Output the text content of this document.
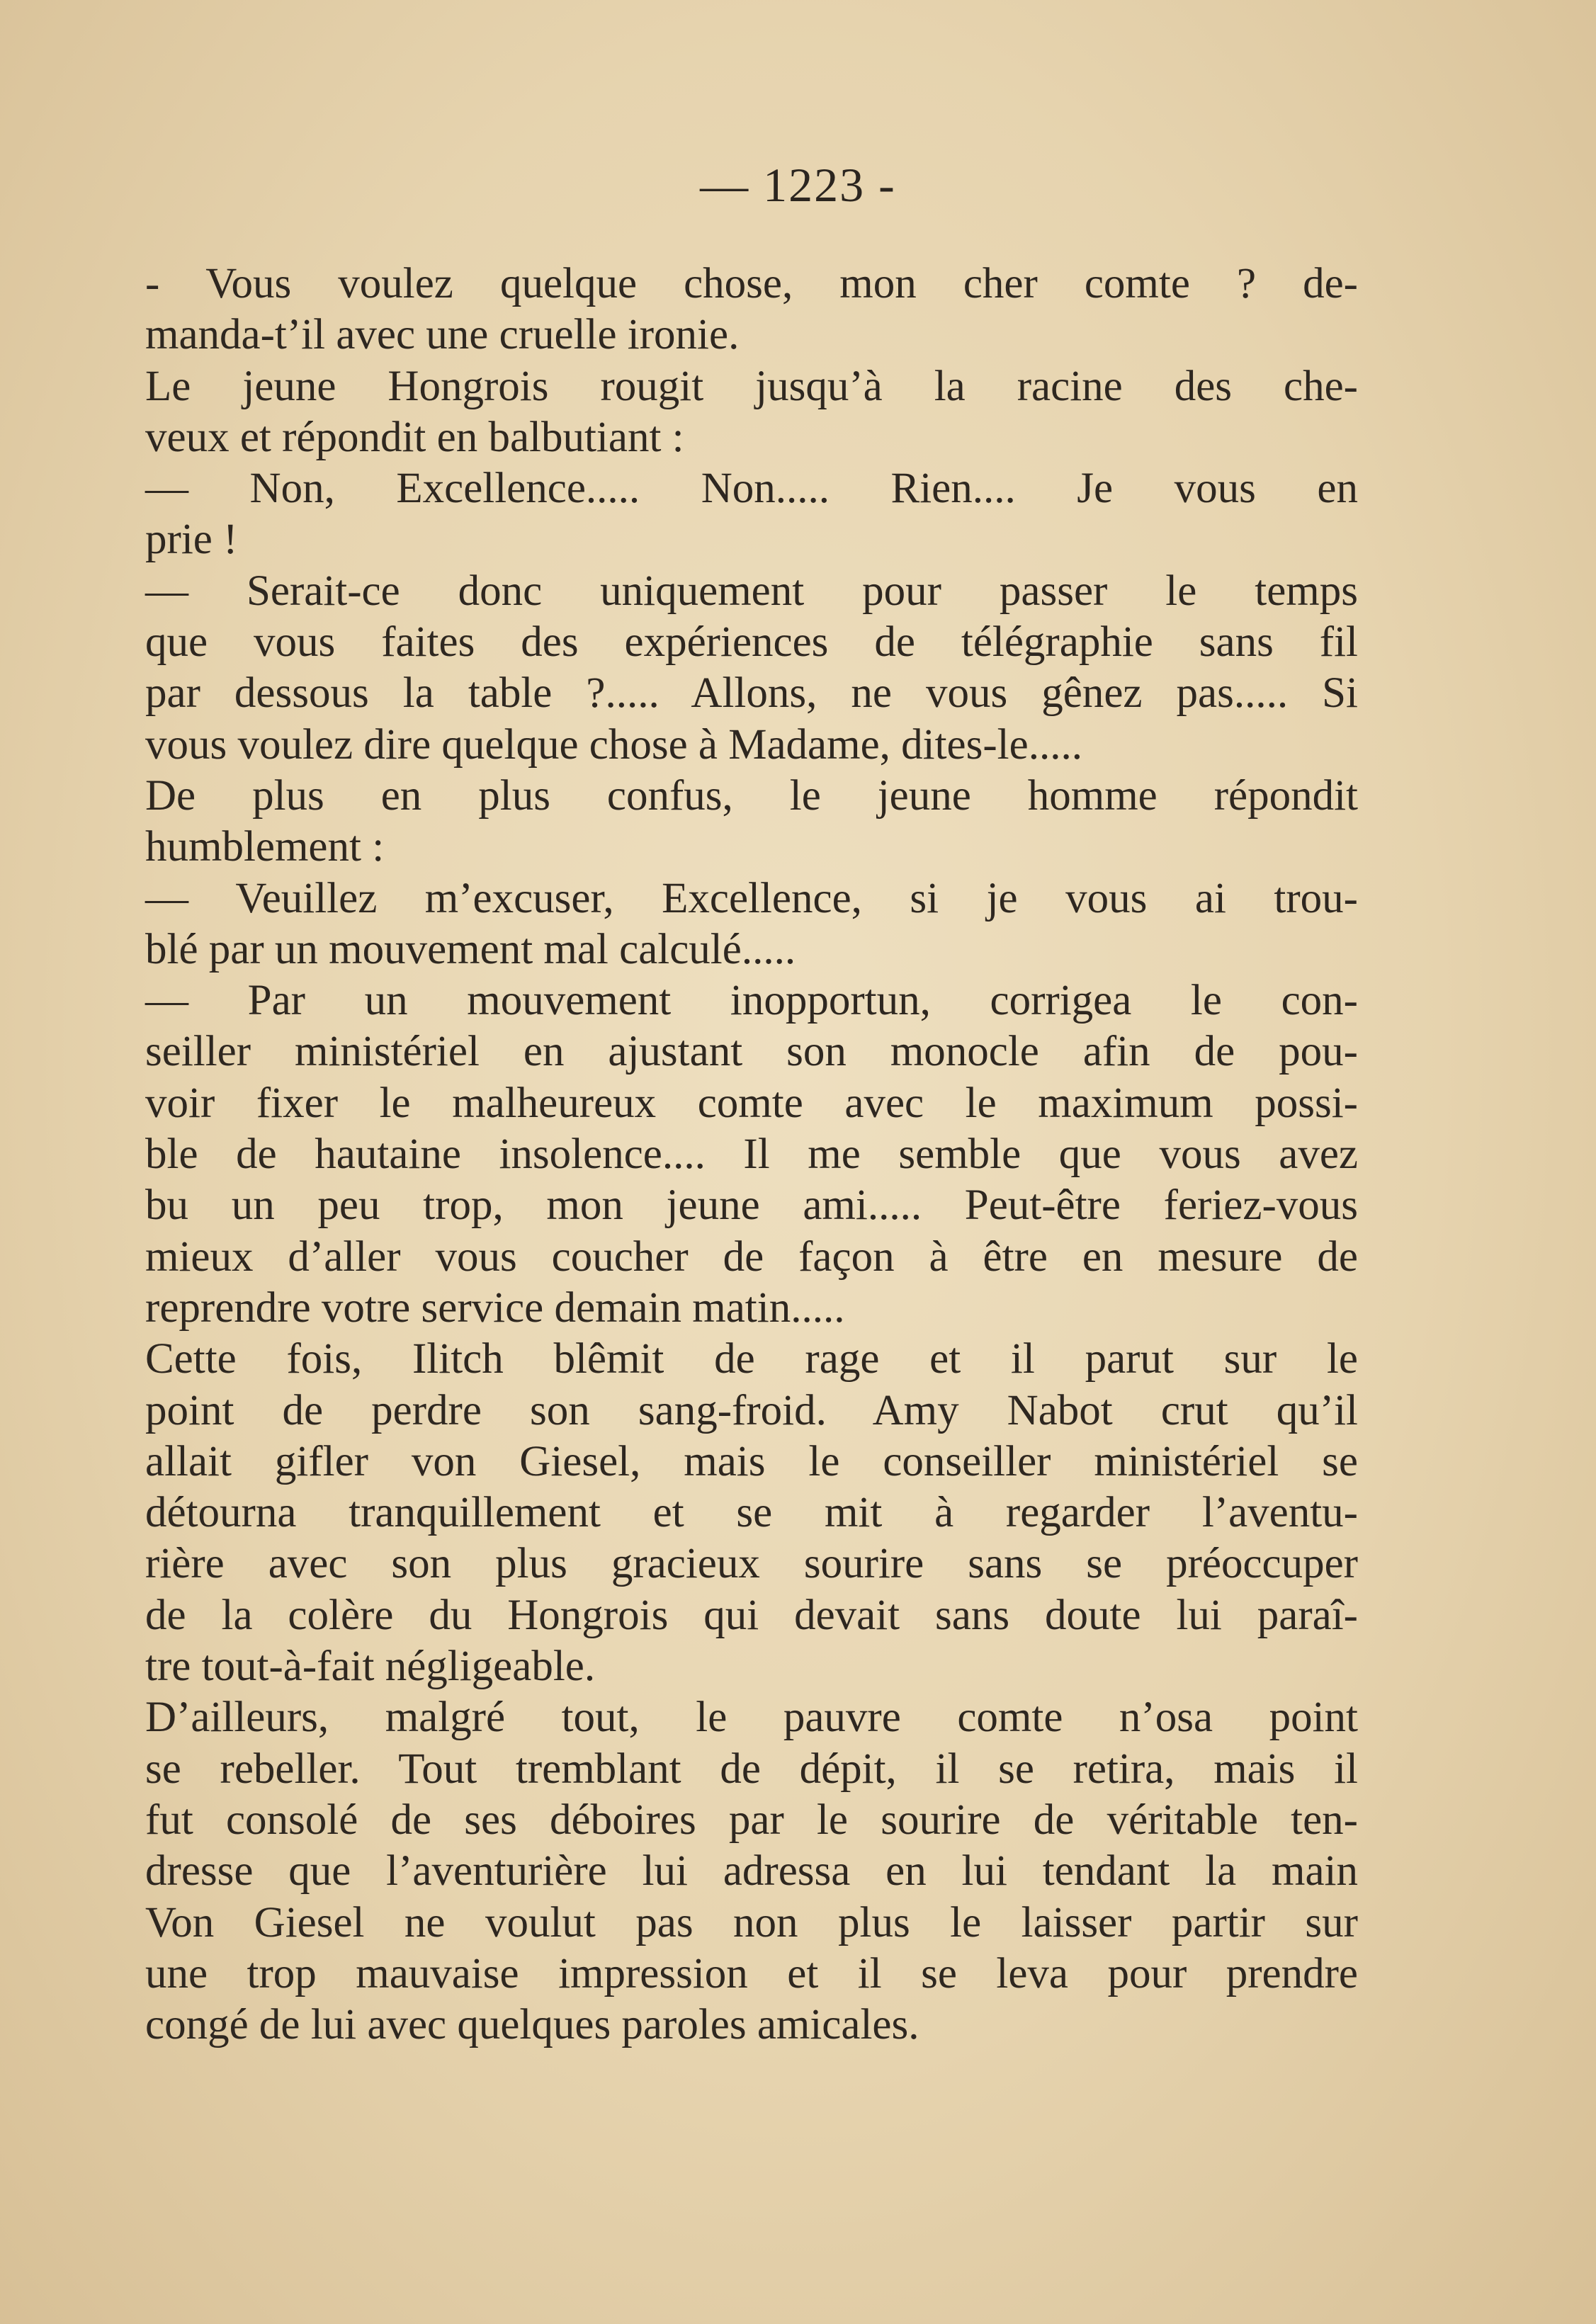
— 1223 -
- Vous voulez quelque chose, mon cher comte ? de-
manda-t’il avec une cruelle ironie.
Le jeune Hongrois rougit jusqu’à la racine des che-
veux et répondit en balbutiant :
— Non, Excellence..... Non..... Rien.... Je vous en
prie !
— Serait-ce donc uniquement pour passer le temps
que vous faites des expériences de télégraphie sans fil
par dessous la table ?..... Allons, ne vous gênez pas..... Si
vous voulez dire quelque chose à Madame, dites-le.....
De plus en plus confus, le jeune homme répondit
humblement :
— Veuillez m’excuser, Excellence, si je vous ai trou-
blé par un mouvement mal calculé.....
— Par un mouvement inopportun, corrigea le con-
seiller ministériel en ajustant son monocle afin de pou-
voir fixer le malheureux comte avec le maximum possi-
ble de hautaine insolence.... Il me semble que vous avez
bu un peu trop, mon jeune ami..... Peut-être feriez-vous
mieux d’aller vous coucher de façon à être en mesure de
reprendre votre service demain matin.....
Cette fois, Ilitch blêmit de rage et il parut sur le
point de perdre son sang-froid. Amy Nabot crut qu’il
allait gifler von Giesel, mais le conseiller ministériel se
détourna tranquillement et se mit à regarder l’aventu-
rière avec son plus gracieux sourire sans se préoccuper
de la colère du Hongrois qui devait sans doute lui paraî-
tre tout-à-fait négligeable.
D’ailleurs, malgré tout, le pauvre comte n’osa point
se rebeller. Tout tremblant de dépit, il se retira, mais il
fut consolé de ses déboires par le sourire de véritable ten-
dresse que l’aventurière lui adressa en lui tendant la main
Von Giesel ne voulut pas non plus le laisser partir sur
une trop mauvaise impression et il se leva pour prendre
congé de lui avec quelques paroles amicales.
